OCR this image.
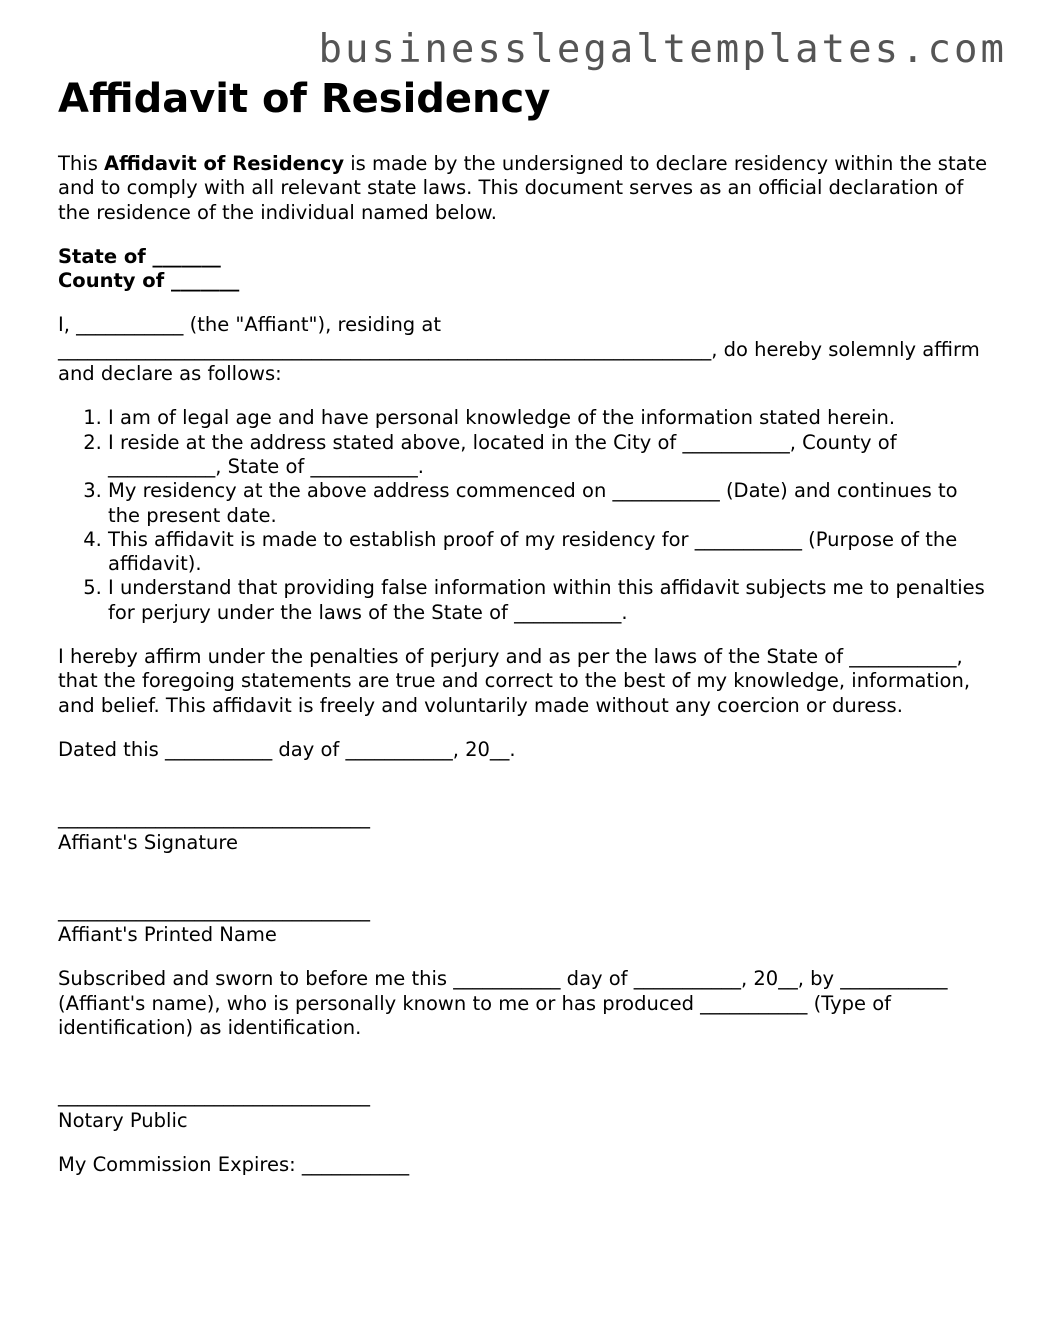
businesslegaltemplates.com
Affidavit of Residency

This Affidavit of Residency is made by the undersigned to declare residency within the state and to comply with all relevant state laws. This document serves as an official declaration of the residence of the individual named below.

State of _______
County of _______

I, ___________ (the "Affiant"), residing at ___________________________________________________________________, do hereby solemnly affirm and declare as follows:

1. I am of legal age and have personal knowledge of the information stated herein.
2. I reside at the address stated above, located in the City of ___________, County of ___________, State of ___________.
3. My residency at the above address commenced on ___________ (Date) and continues to the present date.
4. This affidavit is made to establish proof of my residency for ___________ (Purpose of the affidavit).
5. I understand that providing false information within this affidavit subjects me to penalties for perjury under the laws of the State of ___________.

I hereby affirm under the penalties of perjury and as per the laws of the State of ___________, that the foregoing statements are true and correct to the best of my knowledge, information, and belief. This affidavit is freely and voluntarily made without any coercion or duress.

Dated this ___________ day of ___________, 20__.

________________________________
Affiant's Signature
________________________________
Affiant's Printed Name

Subscribed and sworn to before me this ___________ day of ___________, 20__, by ___________ (Affiant's name), who is personally known to me or has produced ___________ (Type of identification) as identification.

________________________________
Notary Public

My Commission Expires: ___________
